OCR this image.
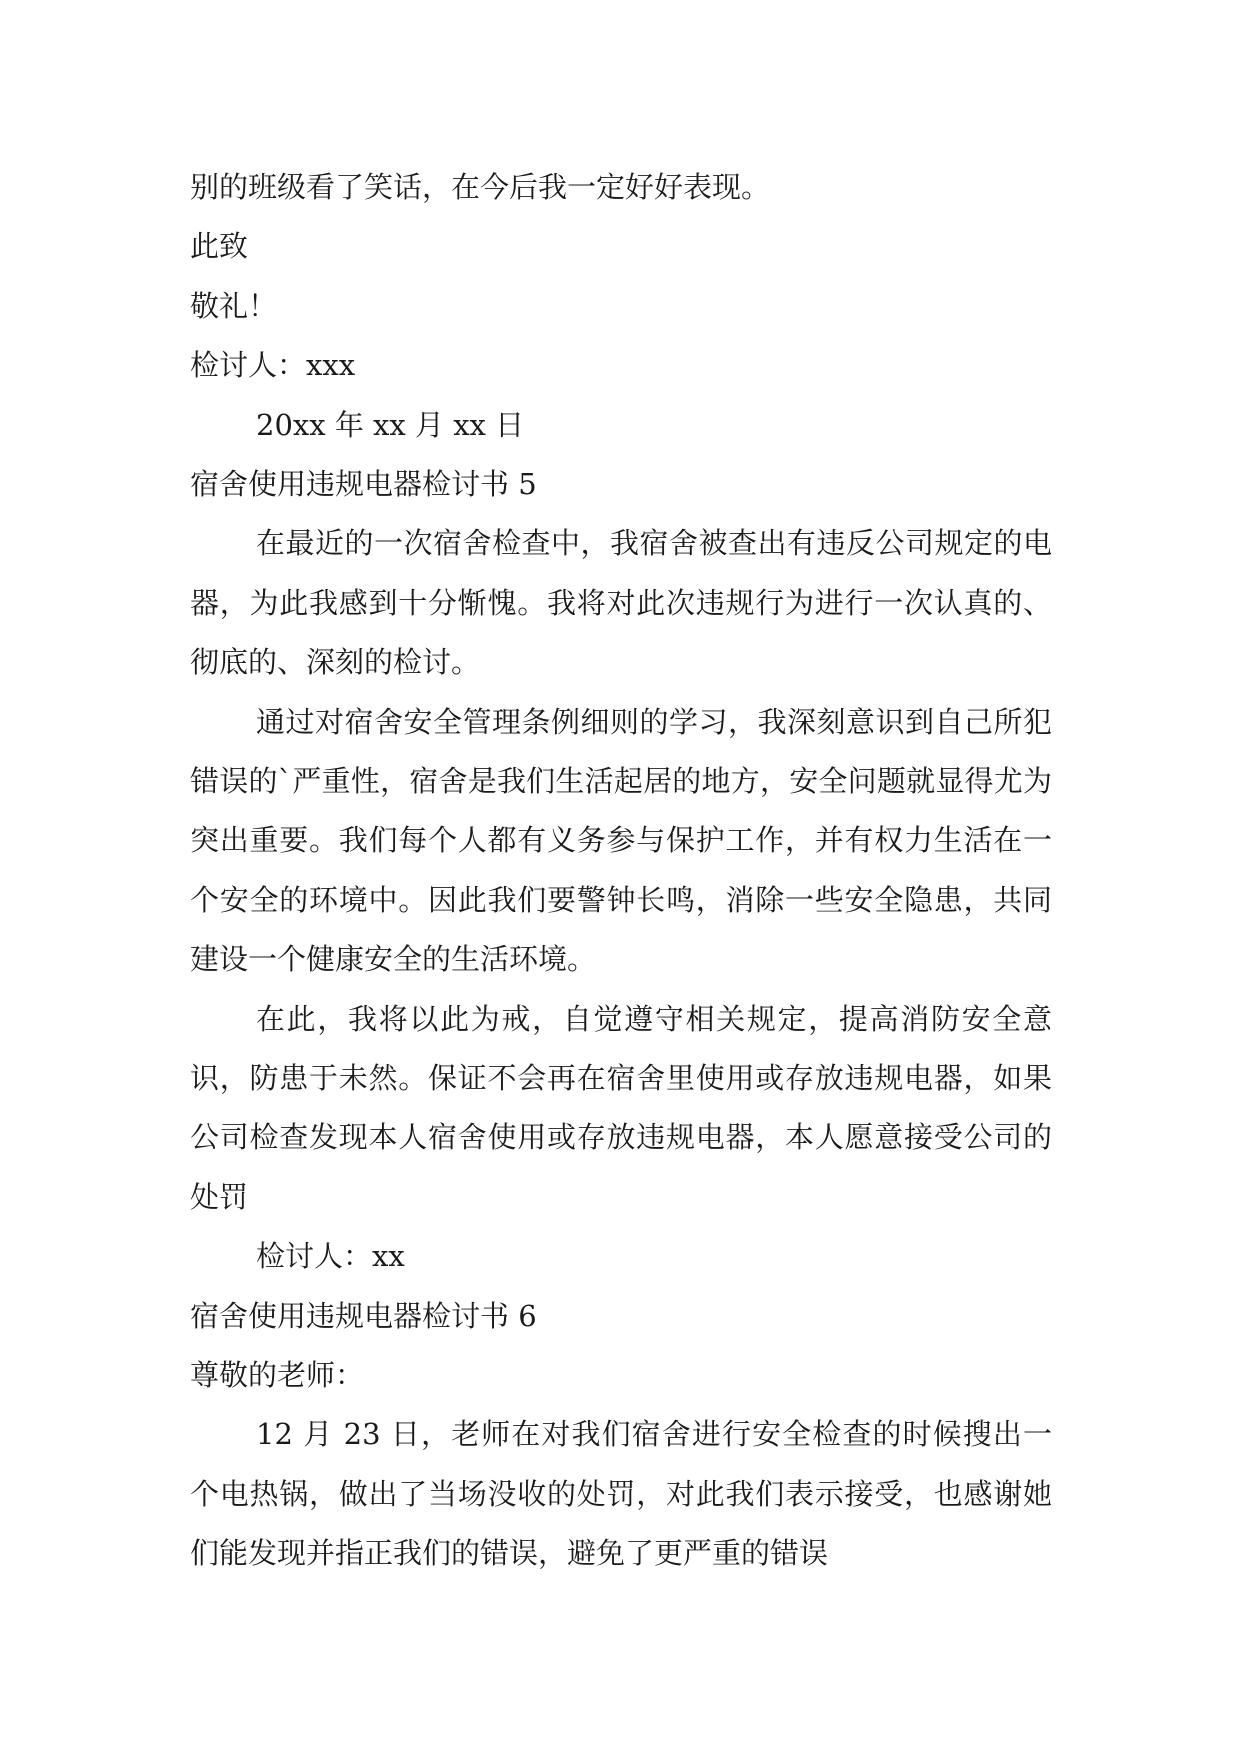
别的班级看了笑话，在今后我一定好好表现。
此致
敬礼！
检讨人：xxx
20xx 年 xx 月 xx 日
宿舍使用违规电器检讨书 5
在最近的一次宿舍检查中，我宿舍被查出有违反公司规定的电器，为此我感到十分惭愧。我将对此次违规行为进行一次认真的、彻底的、深刻的检讨。
通过对宿舍安全管理条例细则的学习，我深刻意识到自己所犯错误的`严重性，宿舍是我们生活起居的地方，安全问题就显得尤为突出重要。我们每个人都有义务参与保护工作，并有权力生活在一个安全的环境中。因此我们要警钟长鸣，消除一些安全隐患，共同建设一个健康安全的生活环境。
在此，我将以此为戒，自觉遵守相关规定，提高消防安全意识，防患于未然。保证不会再在宿舍里使用或存放违规电器，如果公司检查发现本人宿舍使用或存放违规电器，本人愿意接受公司的处罚
检讨人：xx
宿舍使用违规电器检讨书 6
尊敬的老师：
12 月 23 日，老师在对我们宿舍进行安全检查的时候搜出一个电热锅，做出了当场没收的处罚，对此我们表示接受，也感谢她们能发现并指正我们的错误，避免了更严重的错误
